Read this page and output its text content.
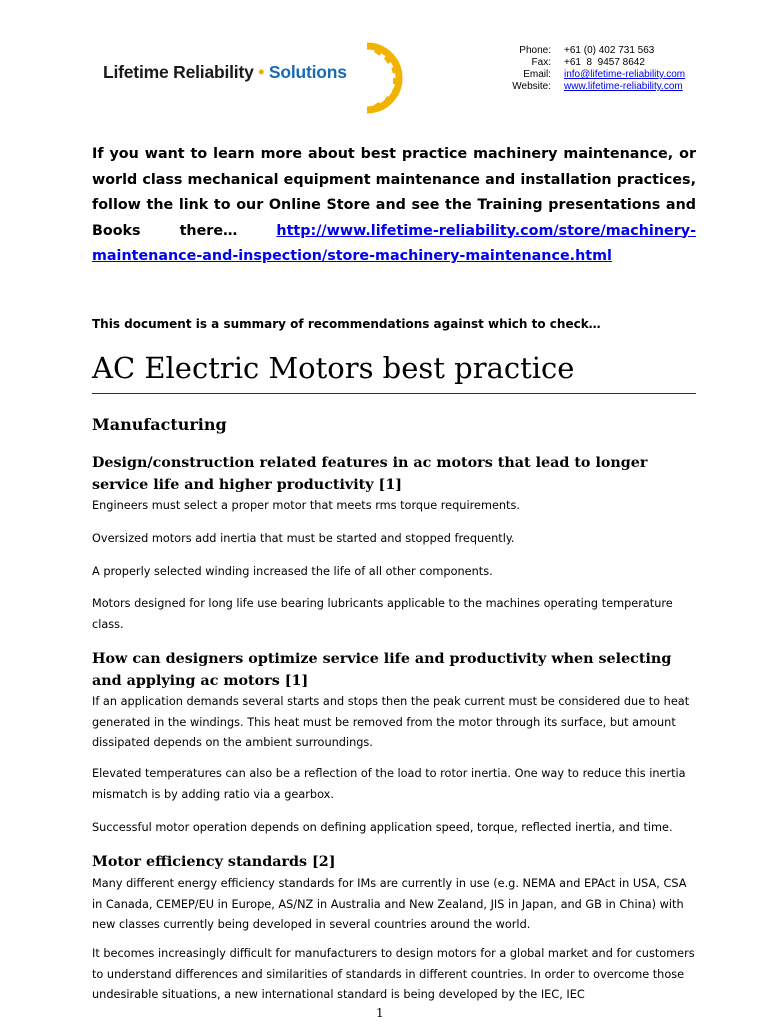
Lifetime Reliability • Solutions
Phone:	+61 (0) 402 731 563
Fax:	+61  8  9457 8642
Email:	info@lifetime-reliability.com
Website:	www.lifetime-reliability.com
If you want to learn more about best practice machinery maintenance, or world class mechanical equipment maintenance and installation practices, follow the link to our Online Store and see the Training presentations and Books there…	http://www.lifetime-reliability.com/store/machinery-maintenance-and-inspection/store-machinery-maintenance.html
This document is a summary of recommendations against which to check…
AC Electric Motors best practice
Manufacturing
Design/construction related features in ac motors that lead to longer service life and higher productivity [1]
Engineers must select a proper motor that meets rms torque requirements.
Oversized motors add inertia that must be started and stopped frequently.
A properly selected winding increased the life of all other components.
Motors designed for long life use bearing lubricants applicable to the machines operating temperature class.
How can designers optimize service life and productivity when selecting and applying ac motors [1]
If an application demands several starts and stops then the peak current must be considered due to heat generated in the windings. This heat must be removed from the motor through its surface, but amount dissipated depends on the ambient surroundings.
Elevated temperatures can also be a reflection of the load to rotor inertia. One way to reduce this inertia mismatch is by adding ratio via a gearbox.
Successful motor operation depends on defining application speed, torque, reflected inertia, and time.
Motor efficiency standards [2]
Many different energy efficiency standards for IMs are currently in use (e.g. NEMA and EPAct in USA, CSA in Canada, CEMEP/EU in Europe, AS/NZ in Australia and New Zealand, JIS in Japan, and GB in China) with new classes currently being developed in several countries around the world.
It becomes increasingly difficult for manufacturers to design motors for a global market and for customers to understand differences and similarities of standards in different countries. In order to overcome those undesirable situations, a new international standard is being developed by the IEC, IEC
1
